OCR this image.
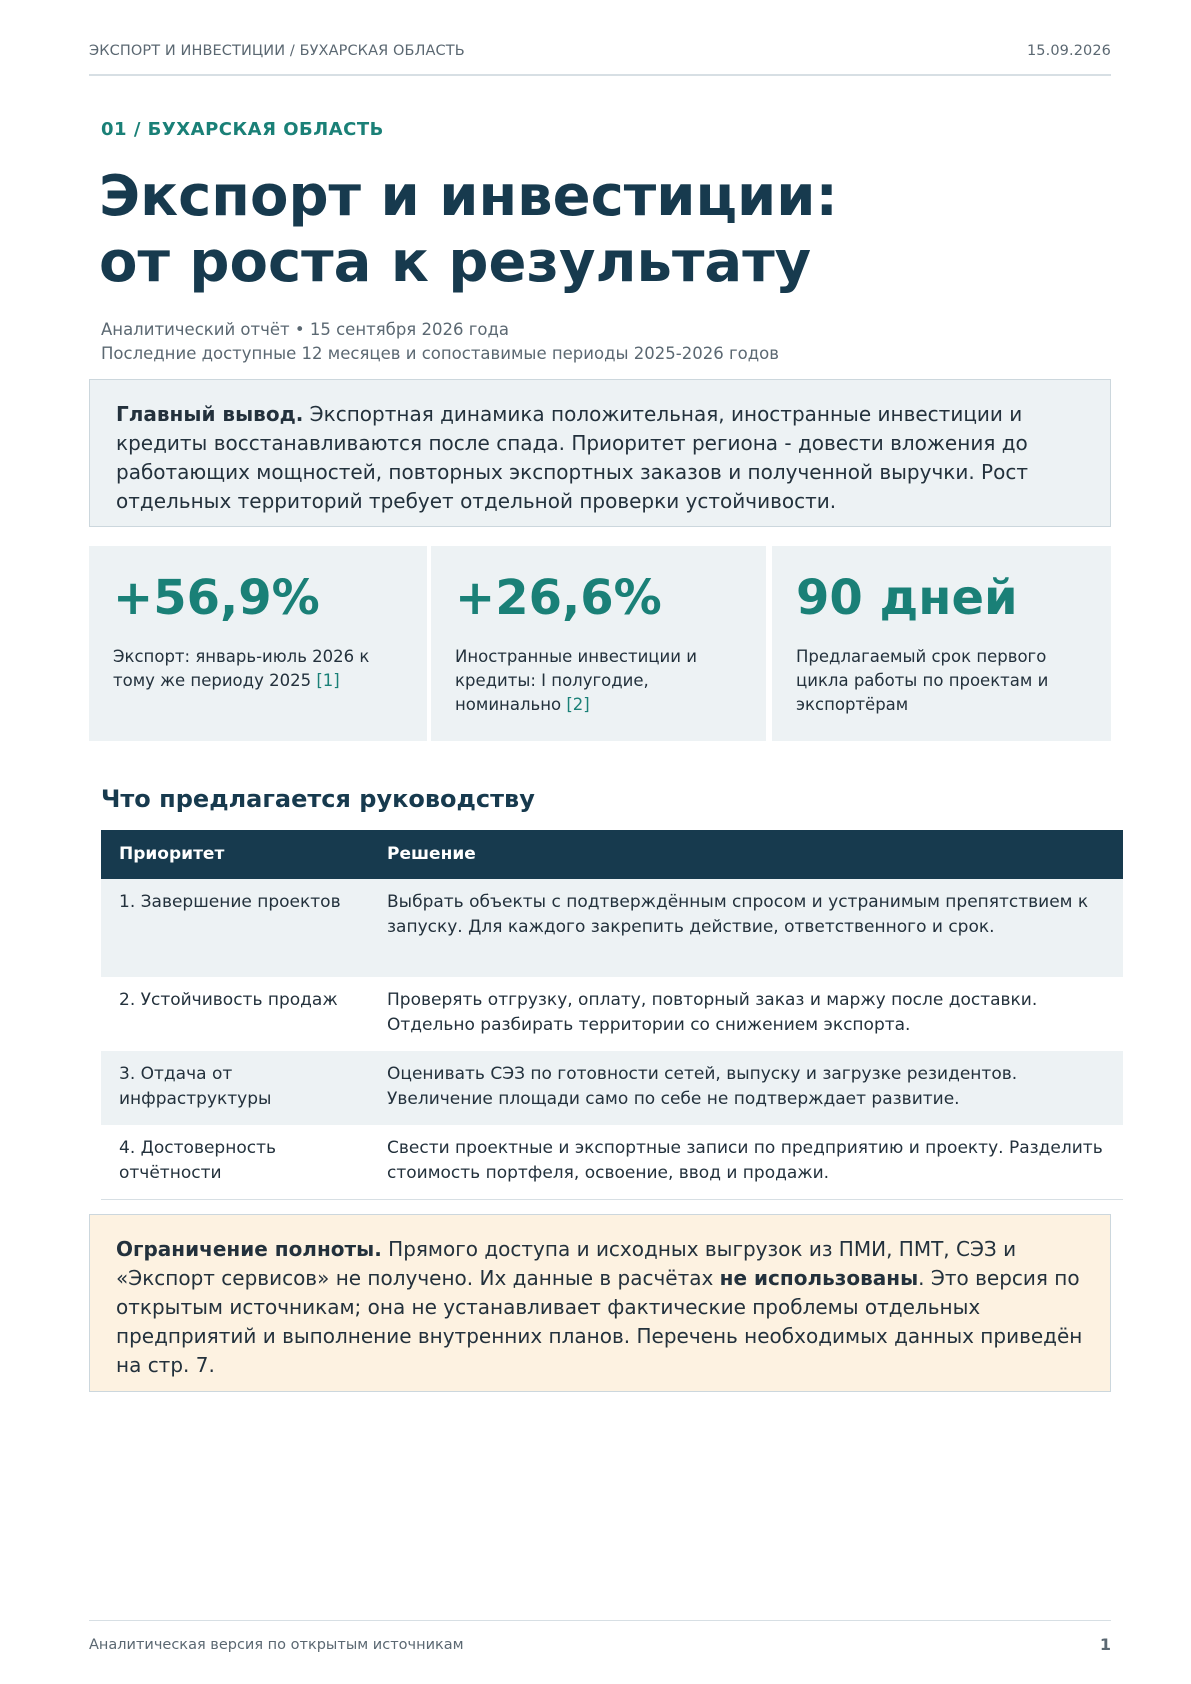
ЭКСПОРТ И ИНВЕСТИЦИИ / БУХАРСКАЯ ОБЛАСТЬ	15.09.2026
01 / БУХАРСКАЯ ОБЛАСТЬ
Экспорт и инвестиции:
от роста к результату
Аналитический отчёт • 15 сентября 2026 года
Последние доступные 12 месяцев и сопоставимые периоды 2025-2026 годов
Главный вывод. Экспортная динамика положительная, иностранные инвестиции и кредиты восстанавливаются после спада. Приоритет региона - довести вложения до работающих мощностей, повторных экспортных заказов и полученной выручки. Рост отдельных территорий требует отдельной проверки устойчивости.
+56,9%
Экспорт: январь-июль 2026 к тому же периоду 2025 [1]
+26,6%
Иностранные инвестиции и кредиты: I полугодие, номинально [2]
90 дней
Предлагаемый срок первого цикла работы по проектам и экспортёрам
Что предлагается руководству
Приоритет	Решение
1. Завершение проектов	Выбрать объекты с подтверждённым спросом и устранимым препятствием к запуску. Для каждого закрепить действие, ответственного и срок.
2. Устойчивость продаж	Проверять отгрузку, оплату, повторный заказ и маржу после доставки. Отдельно разбирать территории со снижением экспорта.
3. Отдача от инфраструктуры	Оценивать СЭЗ по готовности сетей, выпуску и загрузке резидентов. Увеличение площади само по себе не подтверждает развитие.
4. Достоверность отчётности	Свести проектные и экспортные записи по предприятию и проекту. Разделить стоимость портфеля, освоение, ввод и продажи.
Ограничение полноты. Прямого доступа и исходных выгрузок из ПМИ, ПМТ, СЭЗ и «Экспорт сервисов» не получено. Их данные в расчётах не использованы. Это версия по открытым источникам; она не устанавливает фактические проблемы отдельных предприятий и выполнение внутренних планов. Перечень необходимых данных приведён на стр. 7.
Аналитическая версия по открытым источникам	1
